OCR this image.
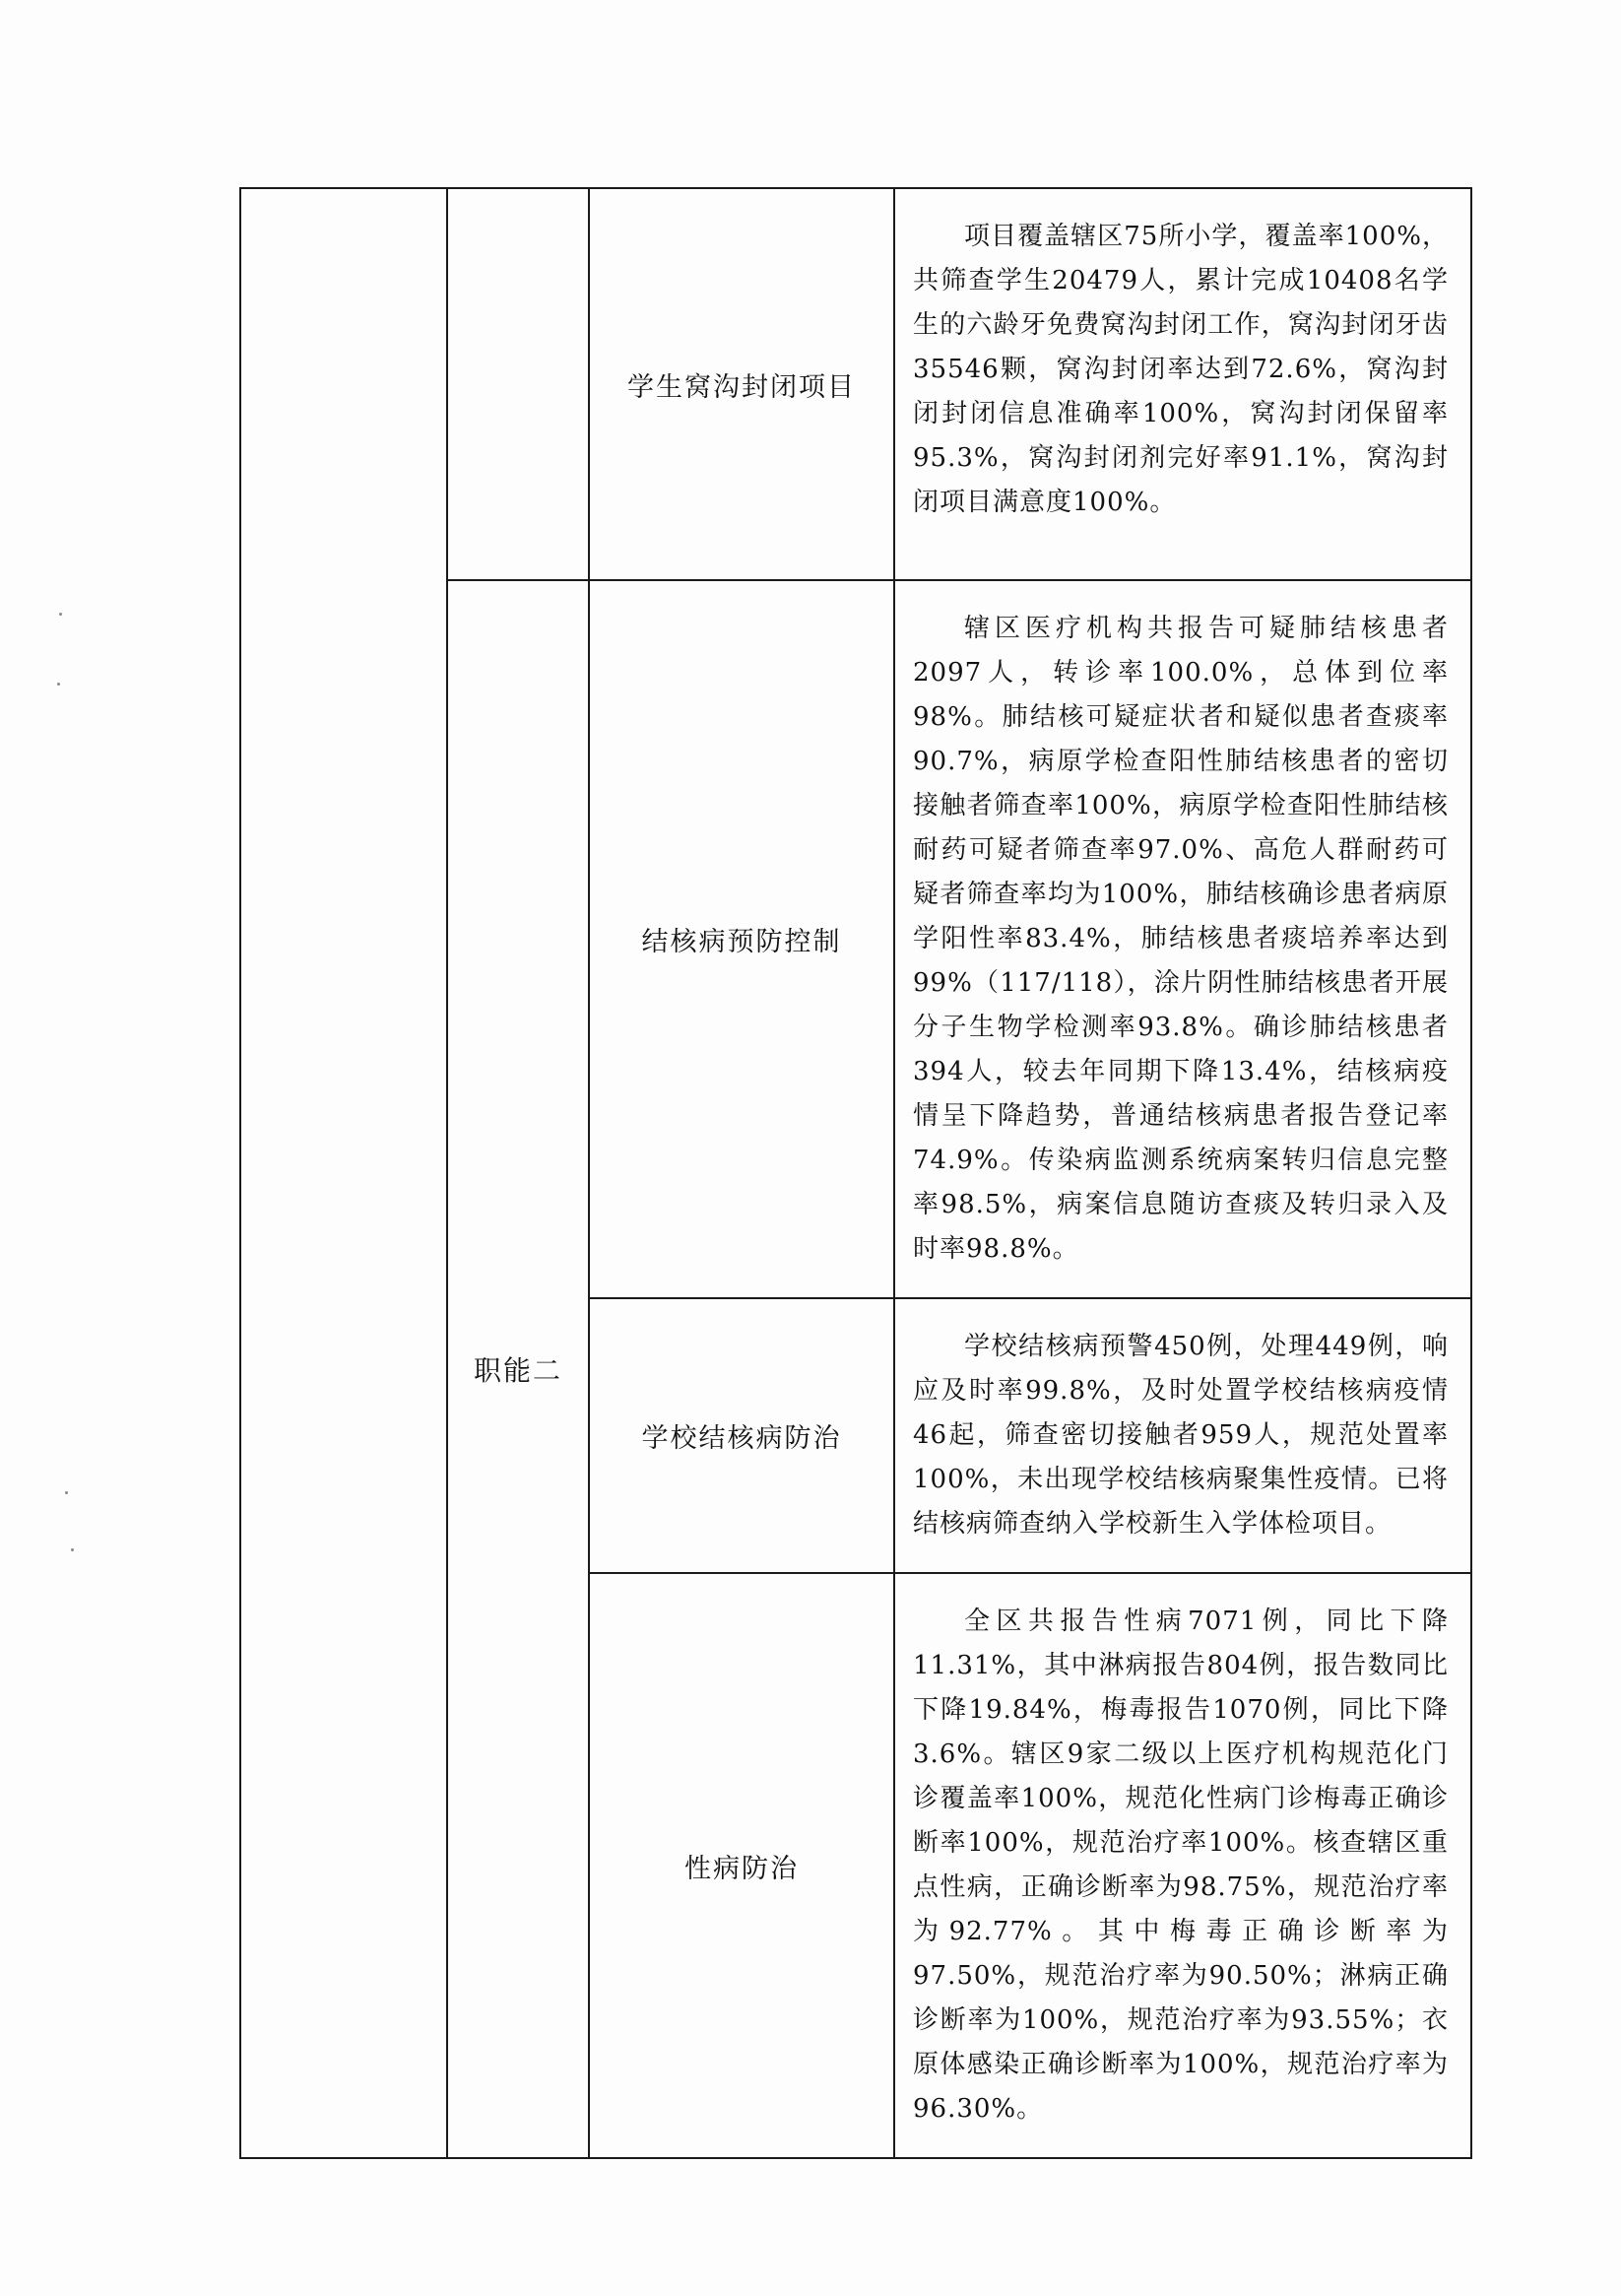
		学生窝沟封闭项目	项目覆盖辖区75所小学，覆盖率100%，共筛查学生20479人，累计完成10408名学生的六龄牙免费窝沟封闭工作，窝沟封闭牙齿35546颗，窝沟封闭率达到72.6%，窝沟封闭封闭信息准确率100%，窝沟封闭保留率95.3%，窝沟封闭剂完好率91.1%，窝沟封闭项目满意度100%。

	职能二	结核病预防控制	辖区医疗机构共报告可疑肺结核患者2097人，转诊率100.0%，总体到位率98%。肺结核可疑症状者和疑似患者查痰率90.7%，病原学检查阳性肺结核患者的密切接触者筛查率100%，病原学检查阳性肺结核耐药可疑者筛查率97.0%、高危人群耐药可疑者筛查率均为100%，肺结核确诊患者病原学阳性率83.4%，肺结核患者痰培养率达到99%（117/118），涂片阴性肺结核患者开展分子生物学检测率93.8%。确诊肺结核患者394人，较去年同期下降13.4%，结核病疫情呈下降趋势，普通结核病患者报告登记率74.9%。传染病监测系统病案转归信息完整率98.5%，病案信息随访查痰及转归录入及时率98.8%。

		学校结核病防治	学校结核病预警450例，处理449例，响应及时率99.8%，及时处置学校结核病疫情46起，筛查密切接触者959人，规范处置率100%，未出现学校结核病聚集性疫情。已将结核病筛查纳入学校新生入学体检项目。

		性病防治	全区共报告性病7071例，同比下降11.31%，其中淋病报告804例，报告数同比下降19.84%，梅毒报告1070例，同比下降3.6%。辖区9家二级以上医疗机构规范化门诊覆盖率100%，规范化性病门诊梅毒正确诊断率100%，规范治疗率100%。核查辖区重点性病，正确诊断率为98.75%，规范治疗率为92.77%。其中梅毒正确诊断率为97.50%，规范治疗率为90.50%；淋病正确诊断率为100%，规范治疗率为93.55%；衣原体感染正确诊断率为100%，规范治疗率为96.30%。
